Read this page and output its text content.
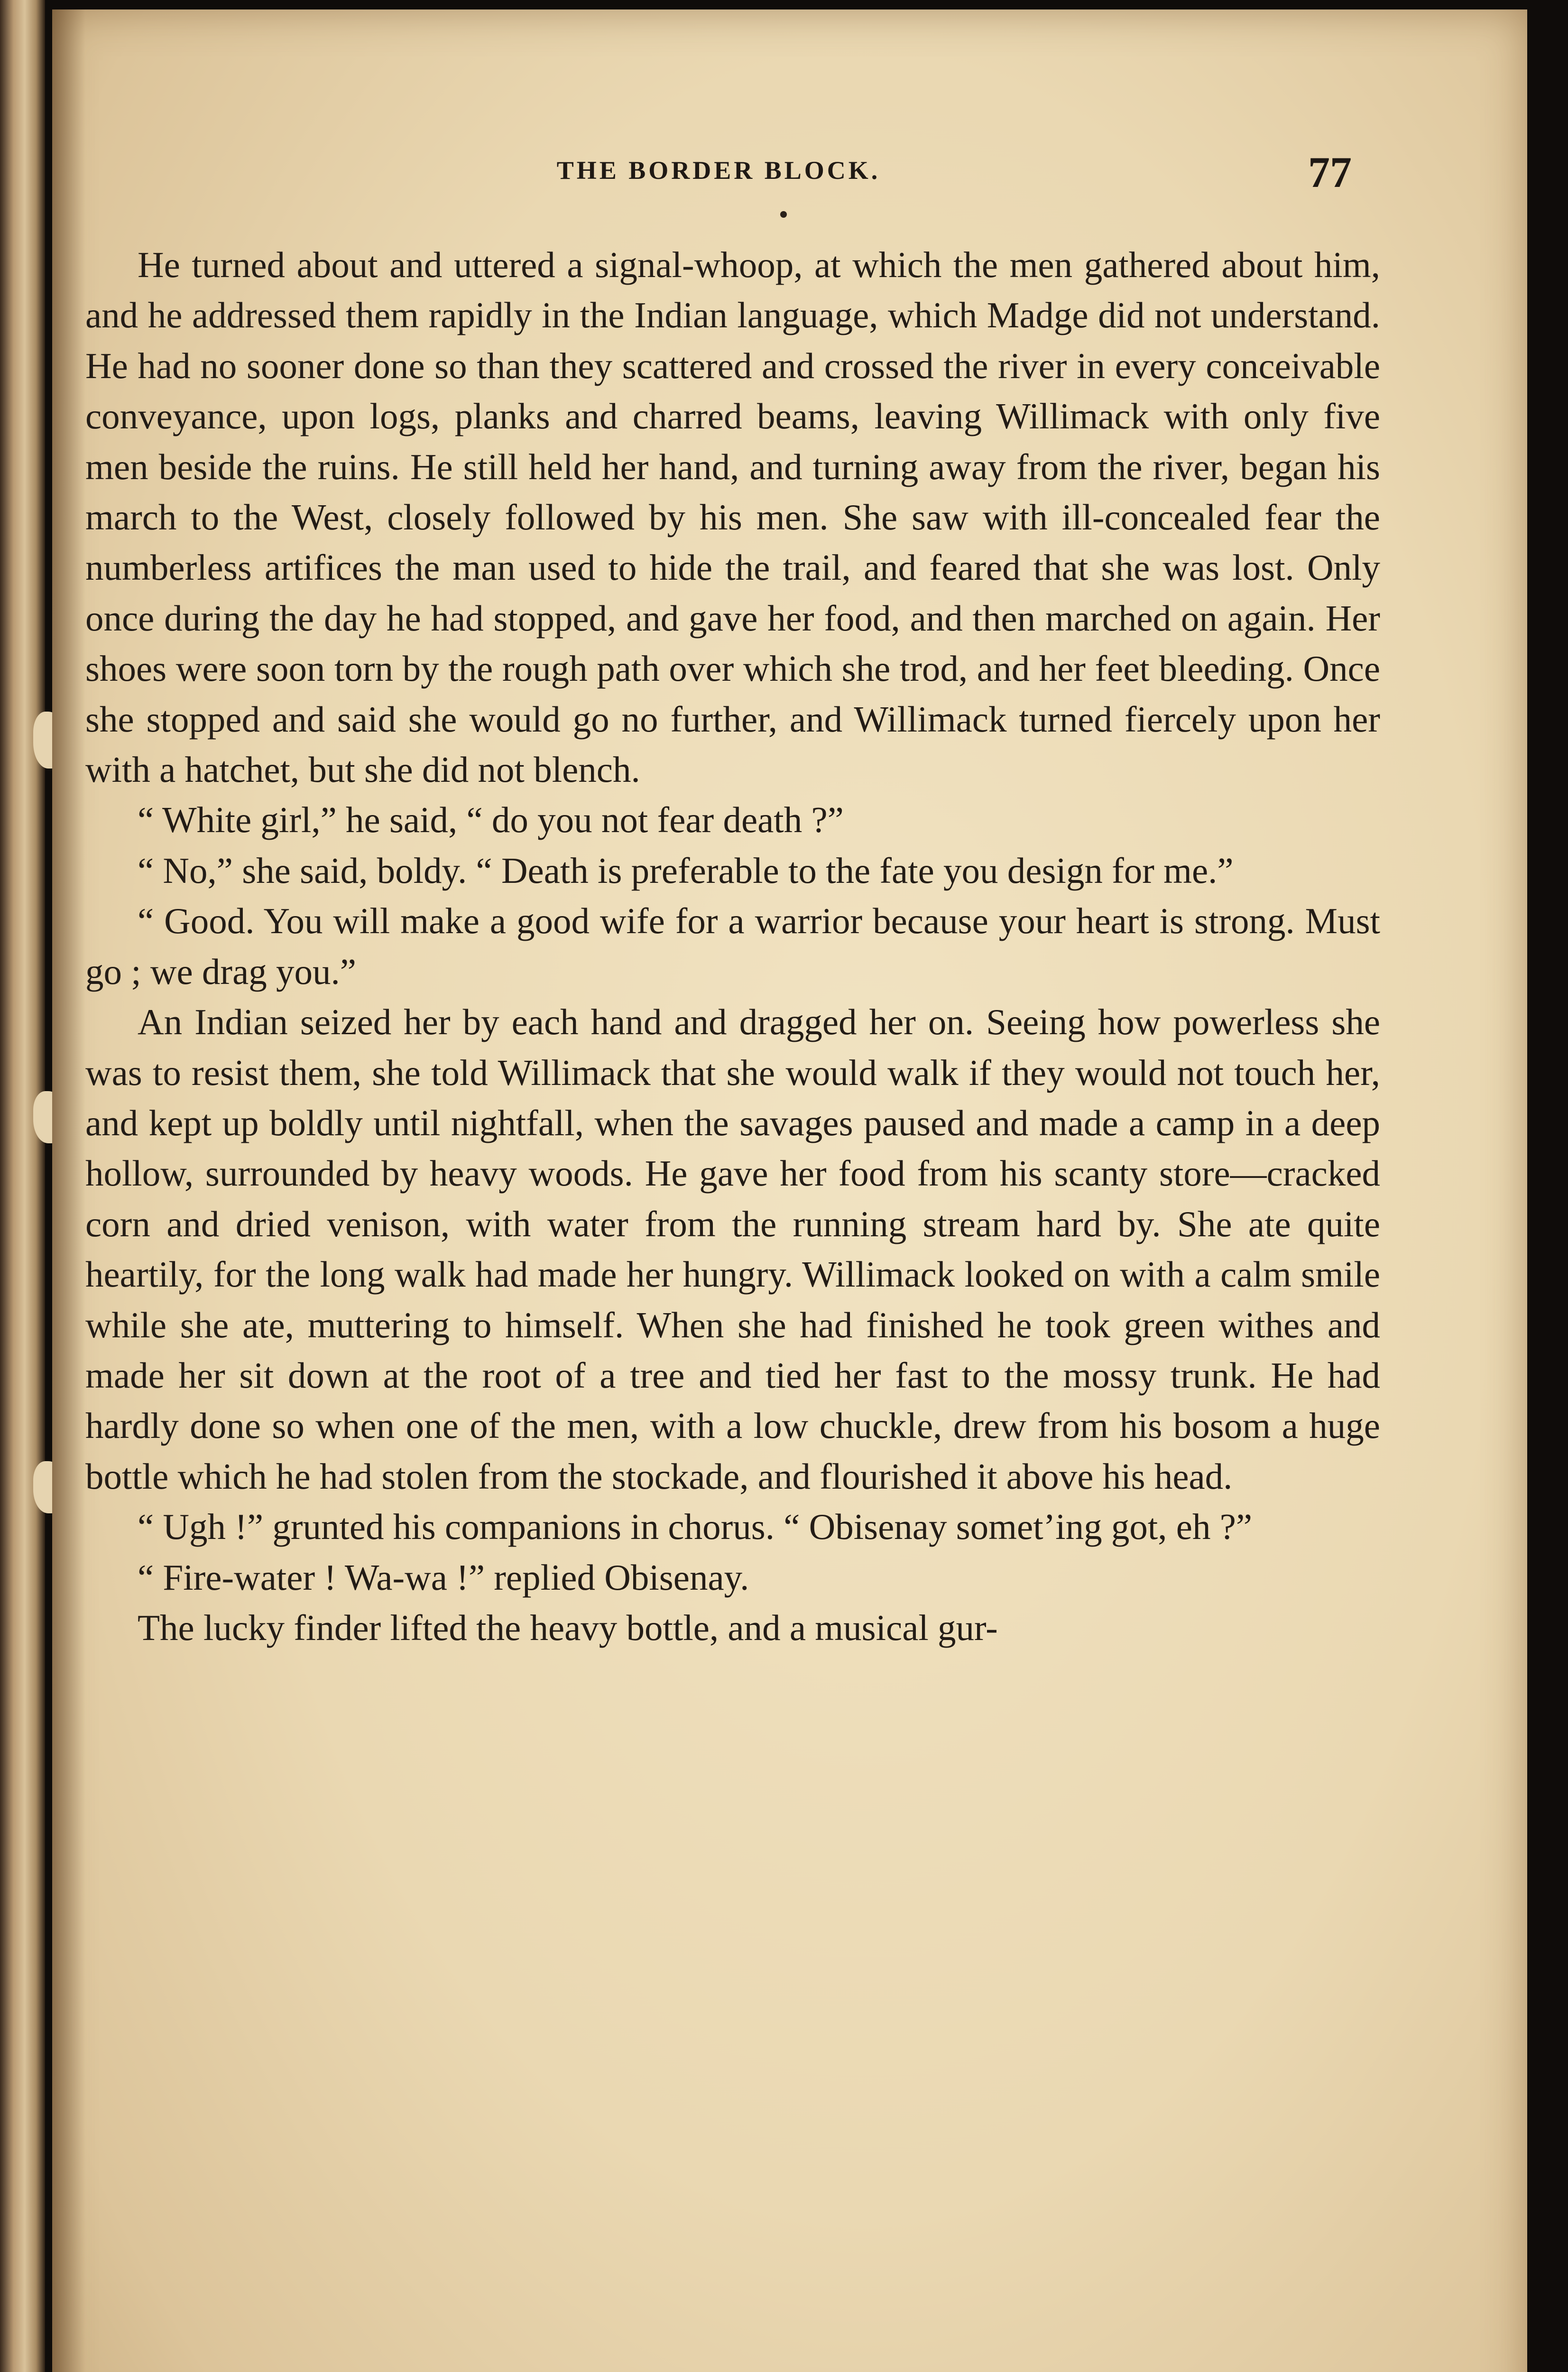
THE BORDER BLOCK.	77

He turned about and uttered a signal-whoop, at which the men gathered about him, and he addressed them rapidly in the Indian language, which Madge did not understand. He had no sooner done so than they scattered and crossed the river in every conceivable conveyance, upon logs, planks and charred beams, leaving Willimack with only five men beside the ruins. He still held her hand, and turning away from the river, began his march to the West, closely followed by his men. She saw with ill-concealed fear the numberless artifices the man used to hide the trail, and feared that she was lost. Only once during the day he had stopped, and gave her food, and then marched on again. Her shoes were soon torn by the rough path over which she trod, and her feet bleeding. Once she stopped and said she would go no further, and Willimack turned fiercely upon her with a hatchet, but she did not blench.

“ White girl,” he said, “ do you not fear death ?”

“ No,” she said, boldy. “ Death is preferable to the fate you design for me.”

“ Good. You will make a good wife for a warrior because your heart is strong. Must go ; we drag you.”

An Indian seized her by each hand and dragged her on. Seeing how powerless she was to resist them, she told Willimack that she would walk if they would not touch her, and kept up boldly until nightfall, when the savages paused and made a camp in a deep hollow, surrounded by heavy woods. He gave her food from his scanty store—cracked corn and dried venison, with water from the running stream hard by. She ate quite heartily, for the long walk had made her hungry. Willimack looked on with a calm smile while she ate, muttering to himself. When she had finished he took green withes and made her sit down at the root of a tree and tied her fast to the mossy trunk. He had hardly done so when one of the men, with a low chuckle, drew from his bosom a huge bottle which he had stolen from the stockade, and flourished it above his head.

“ Ugh !” grunted his companions in chorus. “ Obisenay somet’ing got, eh ?”

“ Fire-water ! Wa-wa !” replied Obisenay.

The lucky finder lifted the heavy bottle, and a musical gur-
